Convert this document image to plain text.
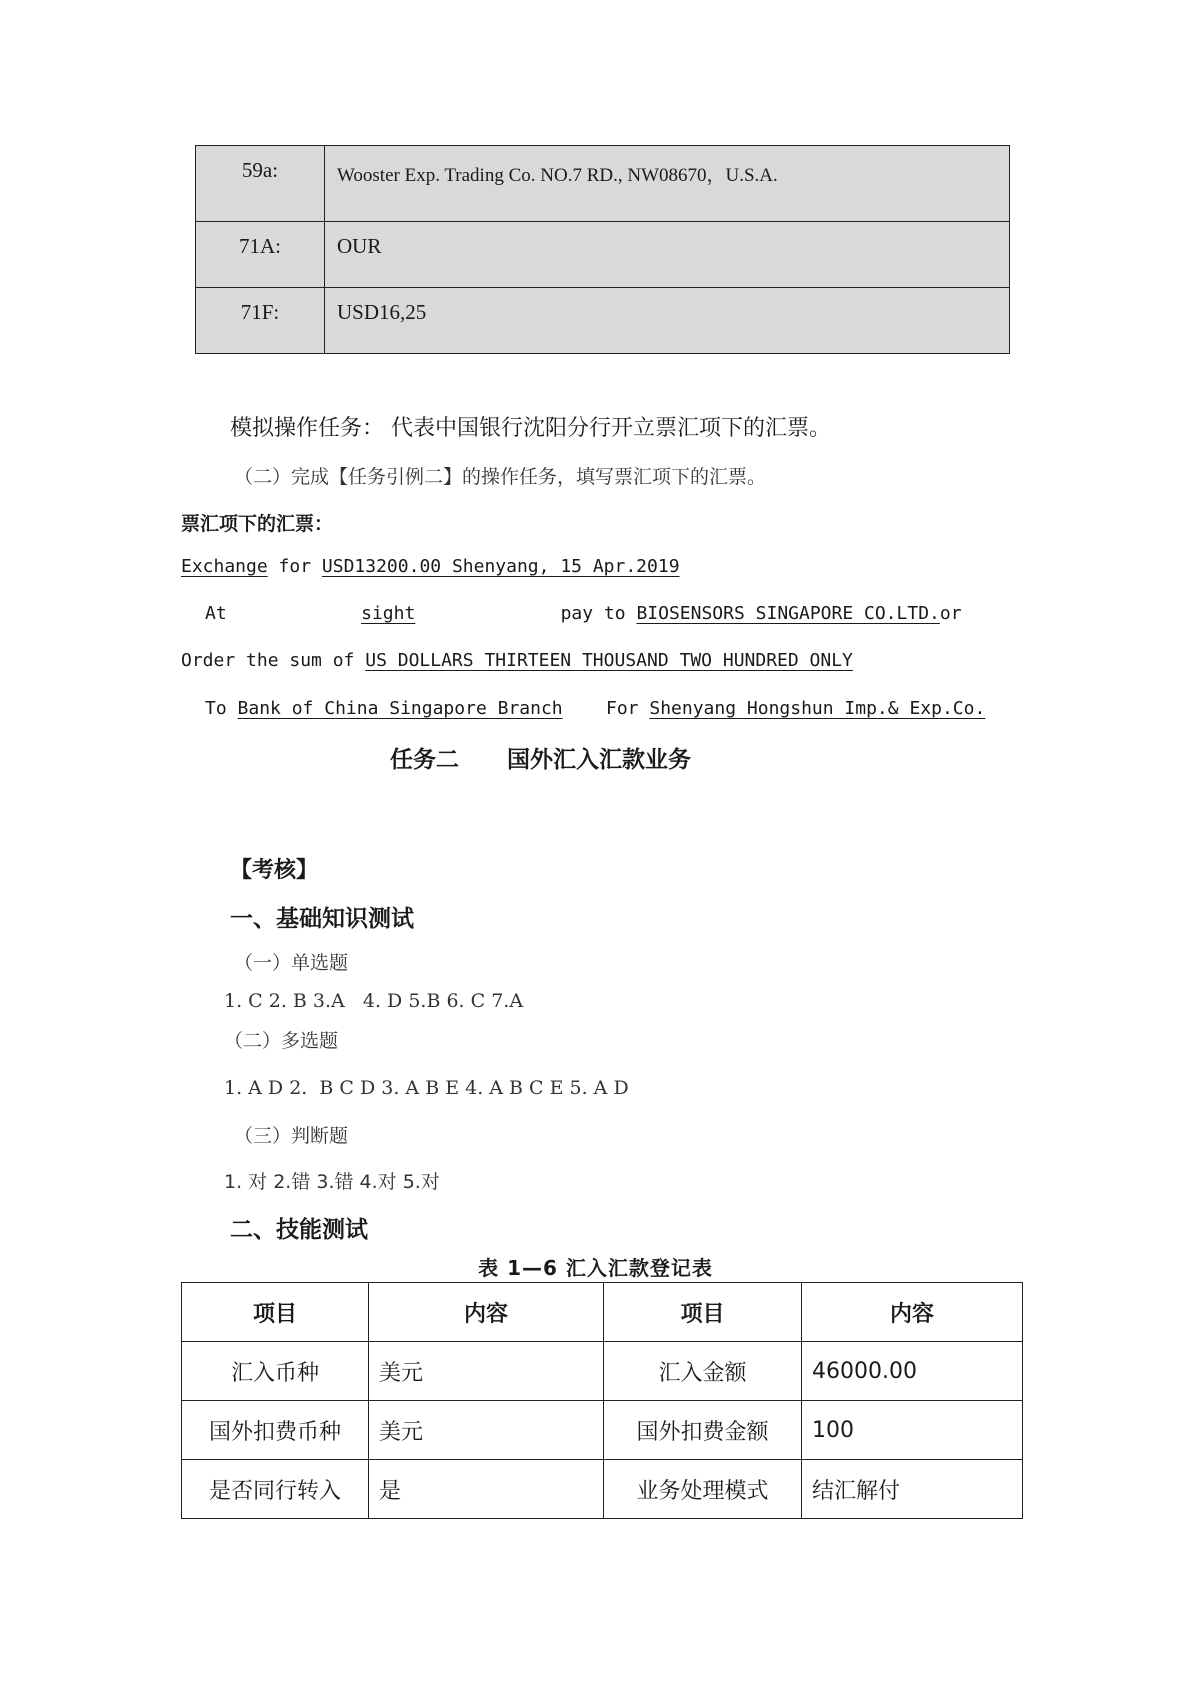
59a:	Wooster Exp. Trading Co. NO.7 RD., NW08670，U.S.A.
71A:	OUR
71F:	USD16,25
模拟操作任务： 代表中国银行沈阳分行开立票汇项下的汇票。
（二）完成【任务引例二】的操作任务，填写票汇项下的汇票。
票汇项下的汇票：
Exchange for USD13200.00 Shenyang, 15 Apr.2019
At	sight	pay to BIOSENSORS SINGAPORE CO.LTD.or
Order the sum of US DOLLARS THIRTEEN THOUSAND TWO HUNDRED ONLY
To Bank of China Singapore Branch For Shenyang Hongshun Imp.& Exp.Co.
任务二      国外汇入汇款业务
【考核】
一、基础知识测试
（一）单选题
1. C 2. B 3.A   4. D 5.B 6. C 7.A
（二）多选题
1. A D 2.  B C D 3. A B E 4. A B C E 5. A D
（三）判断题
1. 对 2.错 3.错 4.对 5.对
二、技能测试
表 1—6 汇入汇款登记表
项目	内容	项目	内容
汇入币种	美元	汇入金额	46000.00
国外扣费币种	美元	国外扣费金额	100
是否同行转入	是	业务处理模式	结汇解付
